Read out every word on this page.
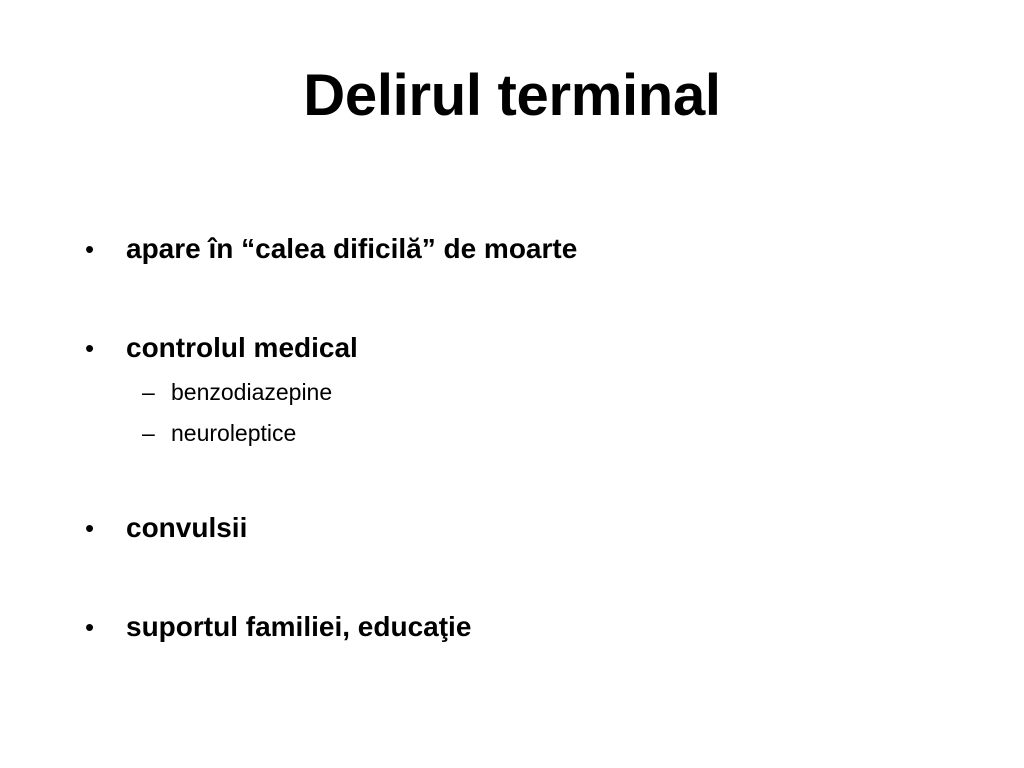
Delirul terminal
•	apare în “calea dificilă” de moarte
•	controlul medical
– benzodiazepine
– neuroleptice
•	convulsii
•	suportul familiei, educaţie
